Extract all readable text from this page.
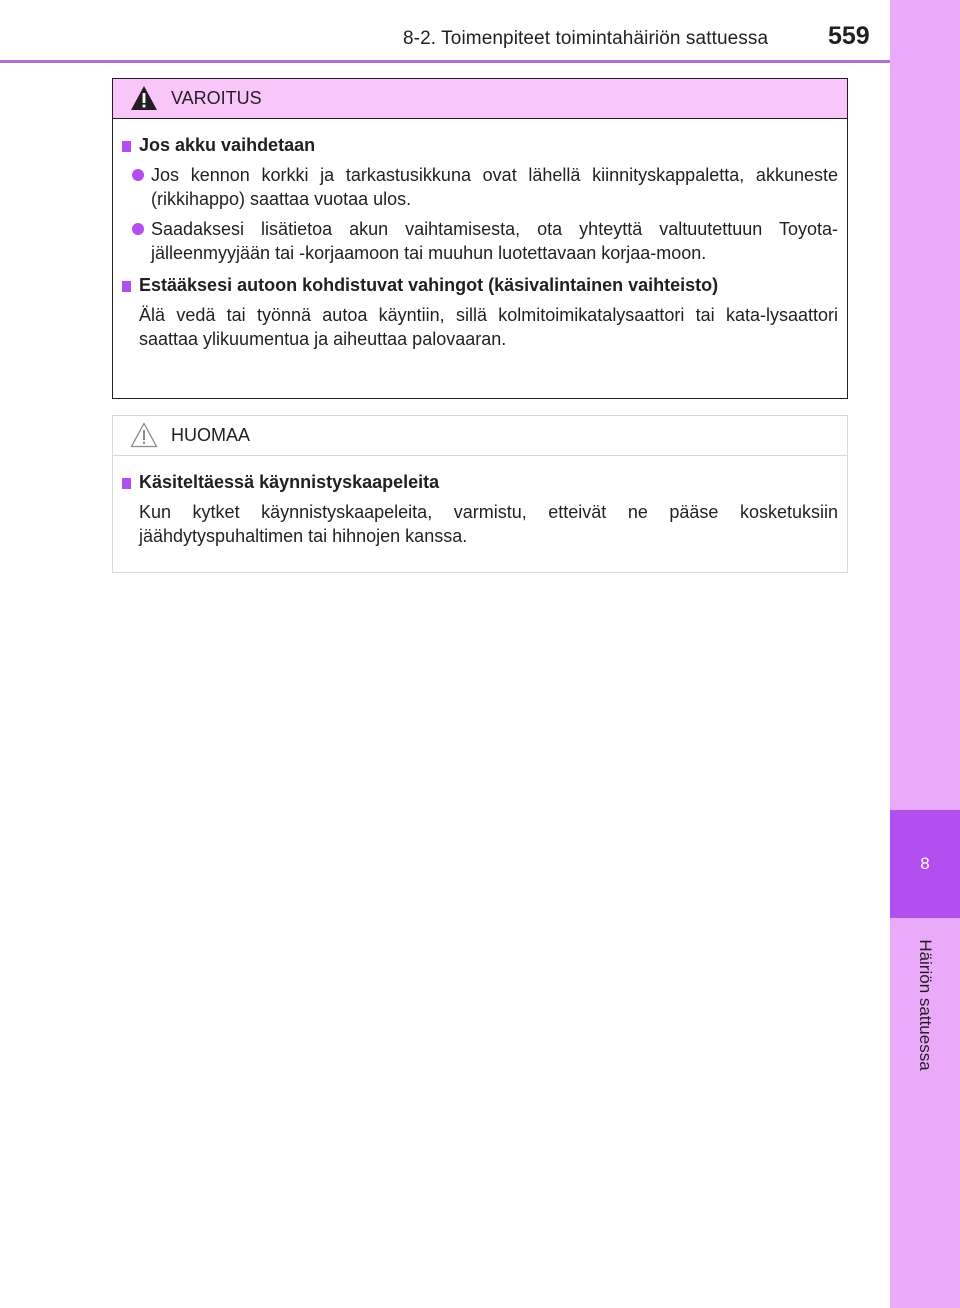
8-2. Toimenpiteet toimintahäiriön sattuessa 559
8
Häiriön sattuessa
VAROITUS
Jos akku vaihdetaan
Jos kennon korkki ja tarkastusikkuna ovat lähellä kiinnityskappaletta, akkuneste (rikkihappo) saattaa vuotaa ulos.
Saadaksesi lisätietoa akun vaihtamisesta, ota yhteyttä valtuutettuun Toyota-jälleenmyyjään tai -korjaamoon tai muuhun luotettavaan korjaa-moon.
Estääksesi autoon kohdistuvat vahingot (käsivalintainen vaihteisto)
Älä vedä tai työnnä autoa käyntiin, sillä kolmitoimikatalysaattori tai kata-lysaattori saattaa ylikuumentua ja aiheuttaa palovaaran.
HUOMAA
Käsiteltäessä käynnistyskaapeleita
Kun kytket käynnistyskaapeleita, varmistu, etteivät ne pääse kosketuksiin jäähdytyspuhaltimen tai hihnojen kanssa.
